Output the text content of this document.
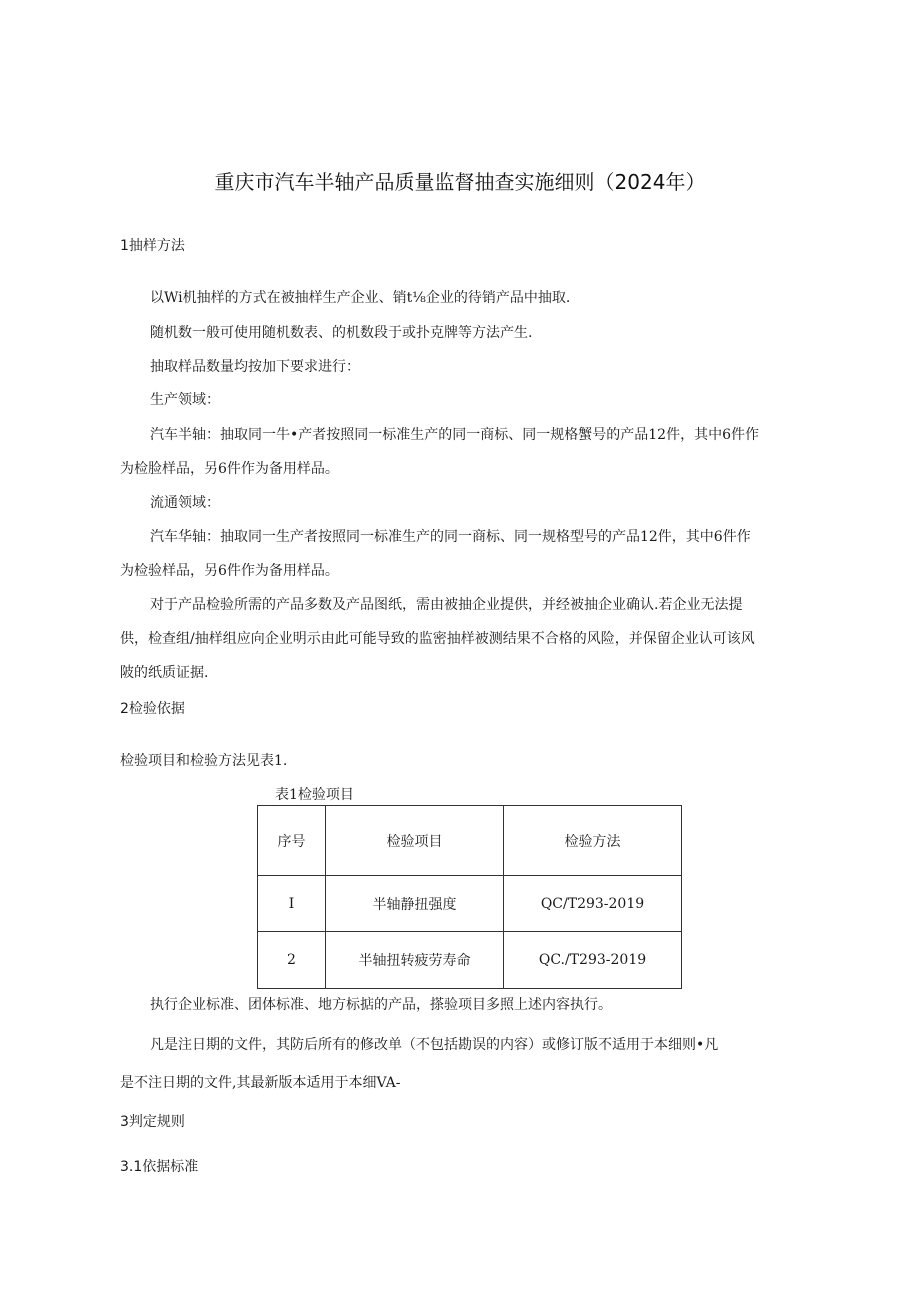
重庆市汽车半轴产品质量监督抽查实施细则（2024年）
1抽样方法
以Wi机抽样的方式在被抽样生产企业、销t⅛企业的待销产品中抽取.
随机数一般可使用随机数表、的机数段于或扑克牌等方法产生.
抽取样品数量均按加下要求进行：
生产领域：
汽车半轴：抽取同一牛•产者按照同一标准生产的同一商标、同一规格蟹号的产品12件，其中6件作
为检脸样品，另6件作为备用样品。
流通领域：
汽车华轴：抽取同一生产者按照同一标准生产的同一商标、同一规格型号的产品12件，其中6件作
为检验样品，另6件作为备用样品。
对于产品检验所需的产品多数及产品图纸，需由被抽企业提供，并经被抽企业确认.若企业无法提
供，检查组/抽样组应向企业明示由此可能导致的监密抽样被测结果不合格的风险，并保留企业认可该风
陂的纸质证据.
2检验依据
检验项目和检验方法见表1.
表1检验项目
序号	检验项目	检验方法
I	半轴静扭强度	QC/T293-2019
2	半轴扭转疲劳寿命	QC./T293-2019
执行企业标准、团体标准、地方标掂的产品，搽验项目多照上述内容执行。
凡是注日期的文件，其防后所有的修改单（不包括勘误的内容）或修订版不适用于本细则•凡
是不注日期的文件,其最新版本适用于本细VA-
3判定规则
3.1依据标准
